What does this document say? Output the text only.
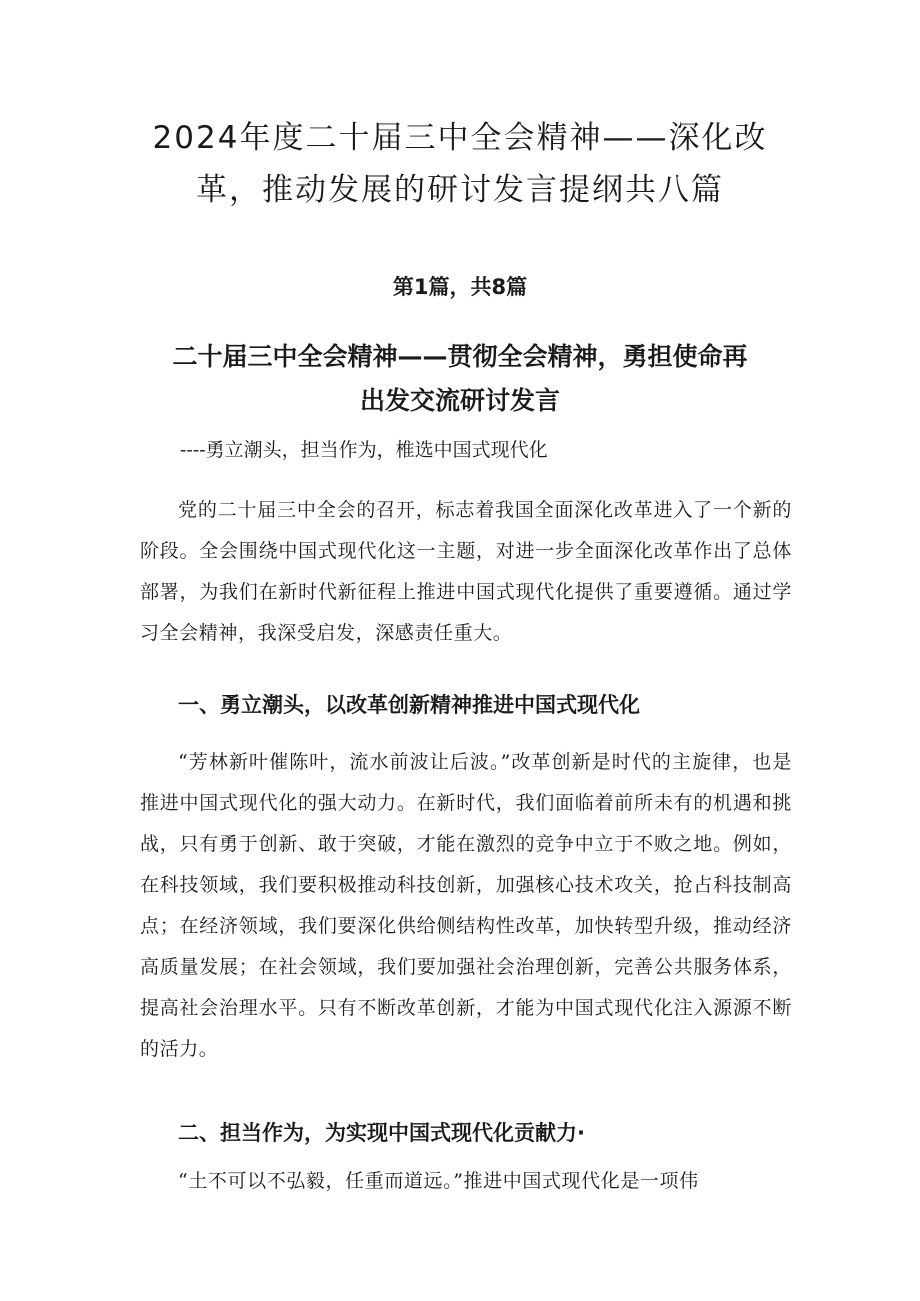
2024年度二十届三中全会精神——深化改革，推动发展的研讨发言提纲共八篇
第1篇，共8篇
二十届三中全会精神——贯彻全会精神，勇担使命再出发交流研讨发言
----勇立潮头，担当作为，椎选中国式现代化
党的二十届三中全会的召开，标志着我国全面深化改革进入了一个新的阶段。全会围绕中国式现代化这一主题，对进一步全面深化改革作出了总体部署，为我们在新时代新征程上推进中国式现代化提供了重要遵循。通过学习全会精神，我深受启发，深感责任重大。
一、勇立潮头，以改革创新精神推进中国式现代化
“芳林新叶催陈叶，流水前波让后波。”改革创新是时代的主旋律，也是推进中国式现代化的强大动力。在新时代，我们面临着前所未有的机遇和挑战，只有勇于创新、敢于突破，才能在激烈的竞争中立于不败之地。例如，在科技领域，我们要积极推动科技创新，加强核心技术攻关，抢占科技制高点；在经济领域，我们要深化供给侧结构性改革，加快转型升级，推动经济高质量发展；在社会领域，我们要加强社会治理创新，完善公共服务体系，提高社会治理水平。只有不断改革创新，才能为中国式现代化注入源源不断的活力。
二、担当作为，为实现中国式现代化贡献力·
“土不可以不弘毅，任重而道远。”推进中国式现代化是一项伟
